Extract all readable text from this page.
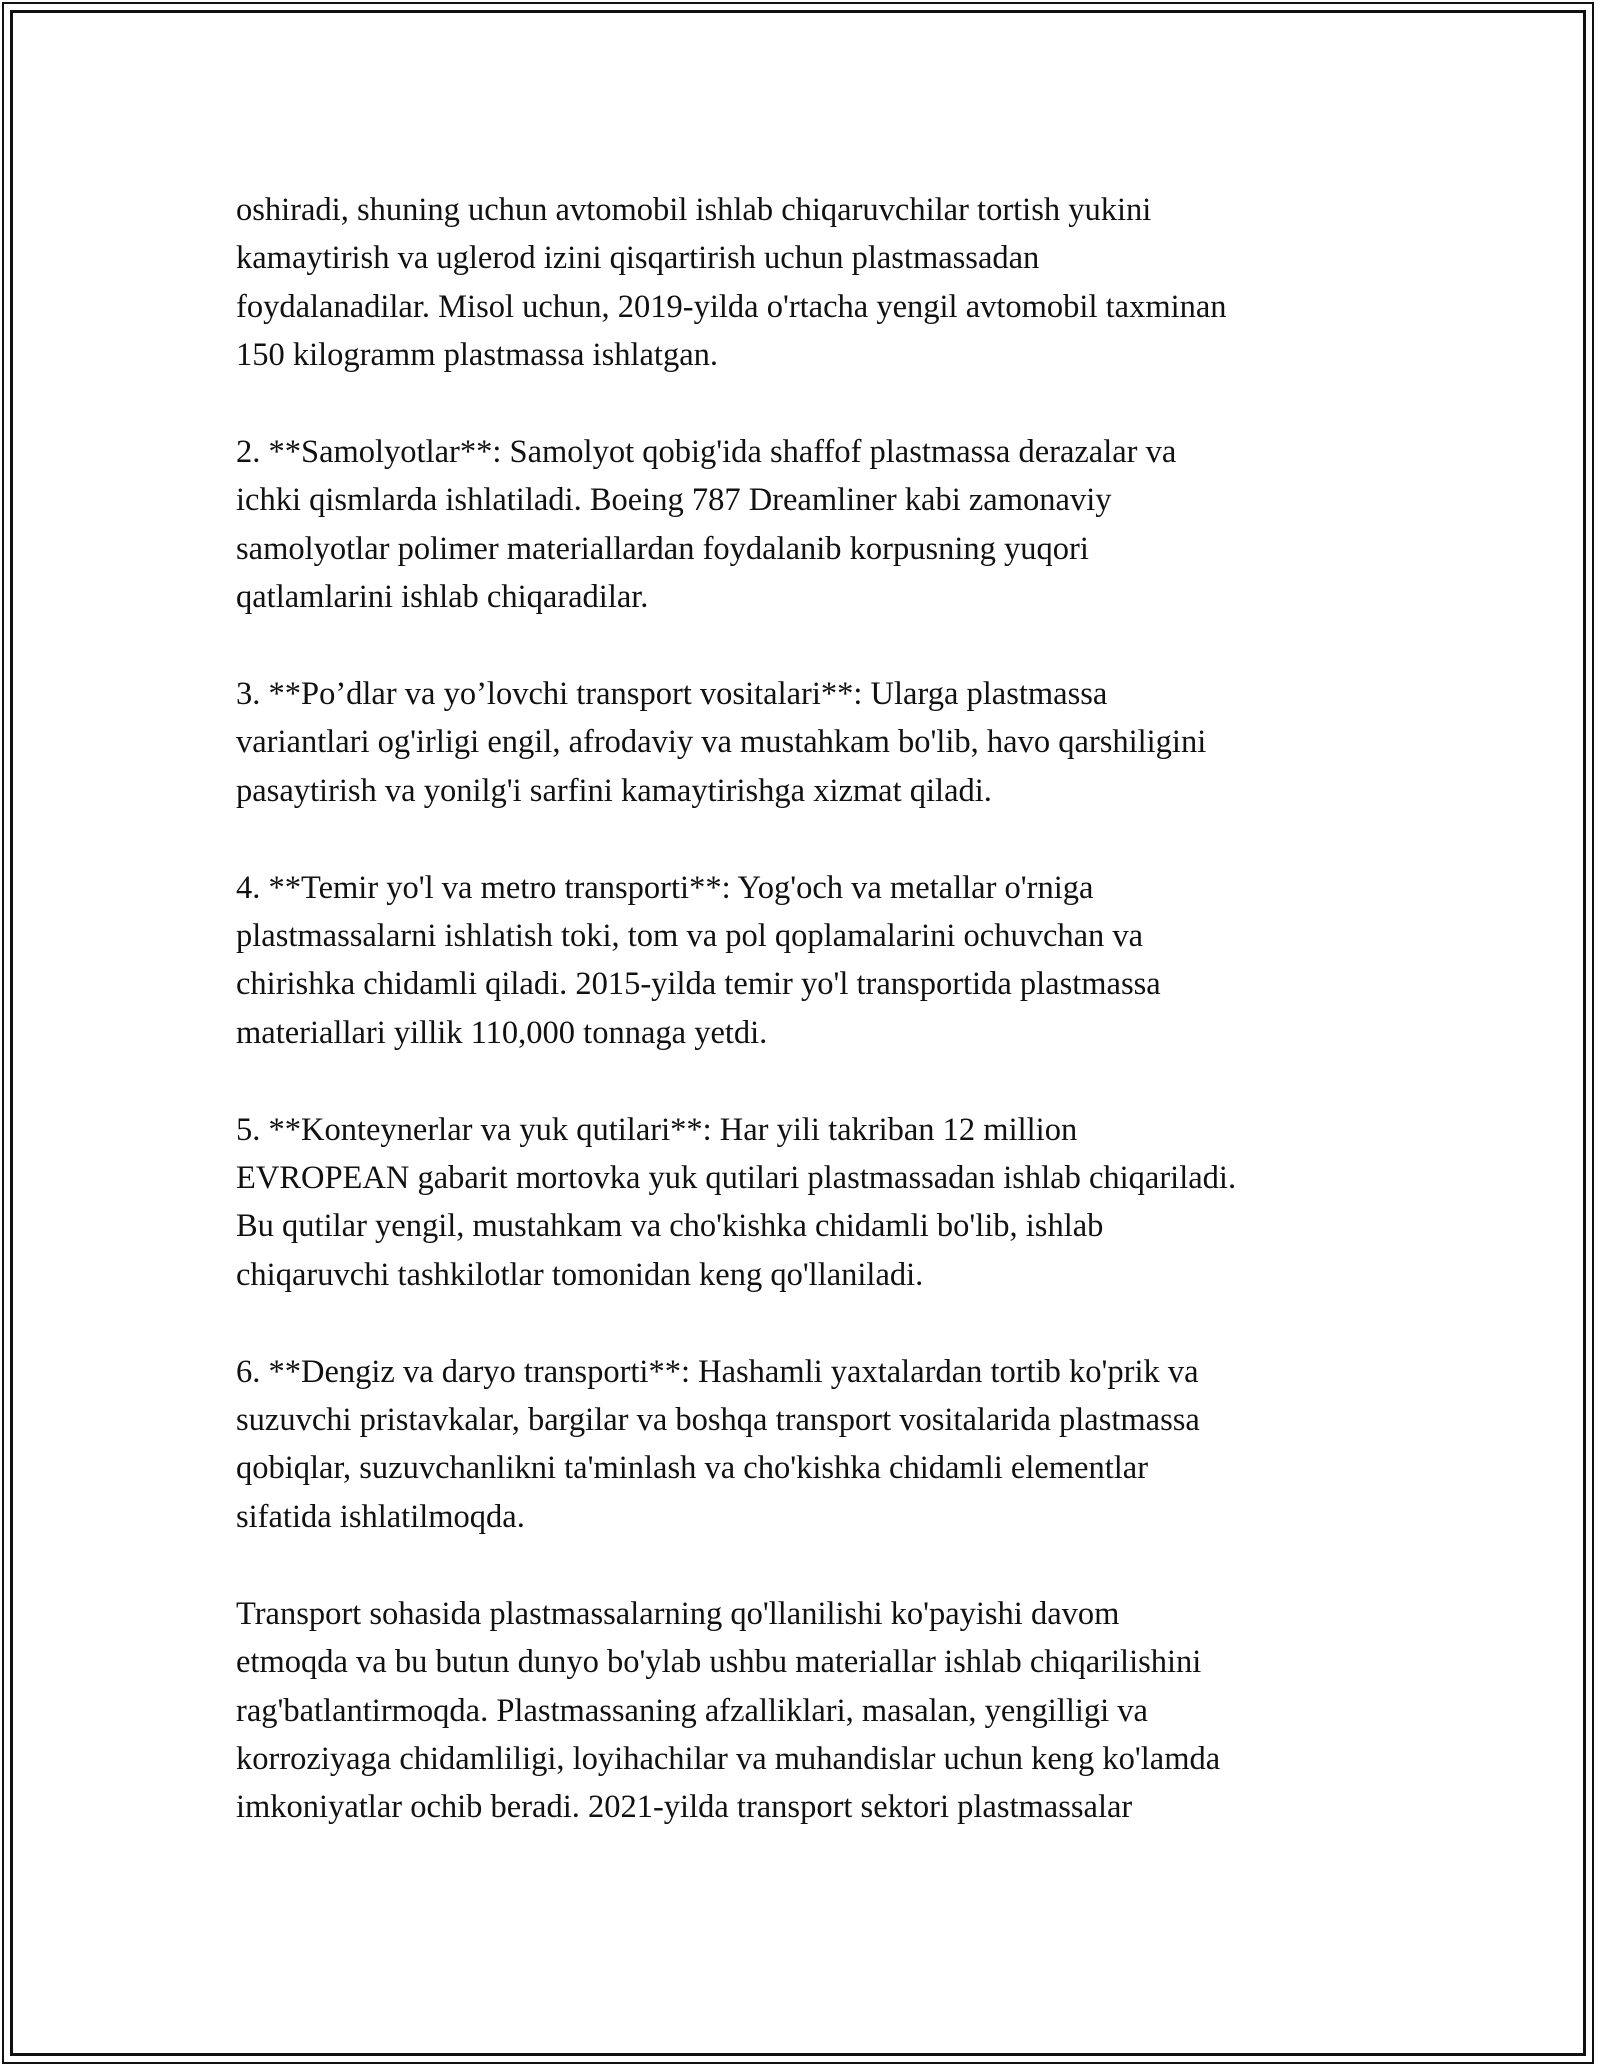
oshiradi, shuning uchun avtomobil ishlab chiqaruvchilar tortish yukini
kamaytirish va uglerod izini qisqartirish uchun plastmassadan
foydalanadilar. Misol uchun, 2019-yilda o'rtacha yengil avtomobil taxminan
150 kilogramm plastmassa ishlatgan.
2. **Samolyotlar**: Samolyot qobig'ida shaffof plastmassa derazalar va
ichki qismlarda ishlatiladi. Boeing 787 Dreamliner kabi zamonaviy
samolyotlar polimer materiallardan foydalanib korpusning yuqori
qatlamlarini ishlab chiqaradilar.
3. **Po’dlar va yo’lovchi transport vositalari**: Ularga plastmassa
variantlari og'irligi engil, afrodaviy va mustahkam bo'lib, havo qarshiligini
pasaytirish va yonilg'i sarfini kamaytirishga xizmat qiladi.
4. **Temir yo'l va metro transporti**: Yog'och va metallar o'rniga
plastmassalarni ishlatish toki, tom va pol qoplamalarini ochuvchan va
chirishka chidamli qiladi. 2015-yilda temir yo'l transportida plastmassa
materiallari yillik 110,000 tonnaga yetdi.
5. **Konteynerlar va yuk qutilari**: Har yili takriban 12 million
EVROPEAN gabarit mortovka yuk qutilari plastmassadan ishlab chiqariladi.
Bu qutilar yengil, mustahkam va cho'kishka chidamli bo'lib, ishlab
chiqaruvchi tashkilotlar tomonidan keng qo'llaniladi.
6. **Dengiz va daryo transporti**: Hashamli yaxtalardan tortib ko'prik va
suzuvchi pristavkalar, bargilar va boshqa transport vositalarida plastmassa
qobiqlar, suzuvchanlikni ta'minlash va cho'kishka chidamli elementlar
sifatida ishlatilmoqda.
Transport sohasida plastmassalarning qo'llanilishi ko'payishi davom
etmoqda va bu butun dunyo bo'ylab ushbu materiallar ishlab chiqarilishini
rag'batlantirmoqda. Plastmassaning afzalliklari, masalan, yengilligi va
korroziyaga chidamliligi, loyihachilar va muhandislar uchun keng ko'lamda
imkoniyatlar ochib beradi. 2021-yilda transport sektori plastmassalar
